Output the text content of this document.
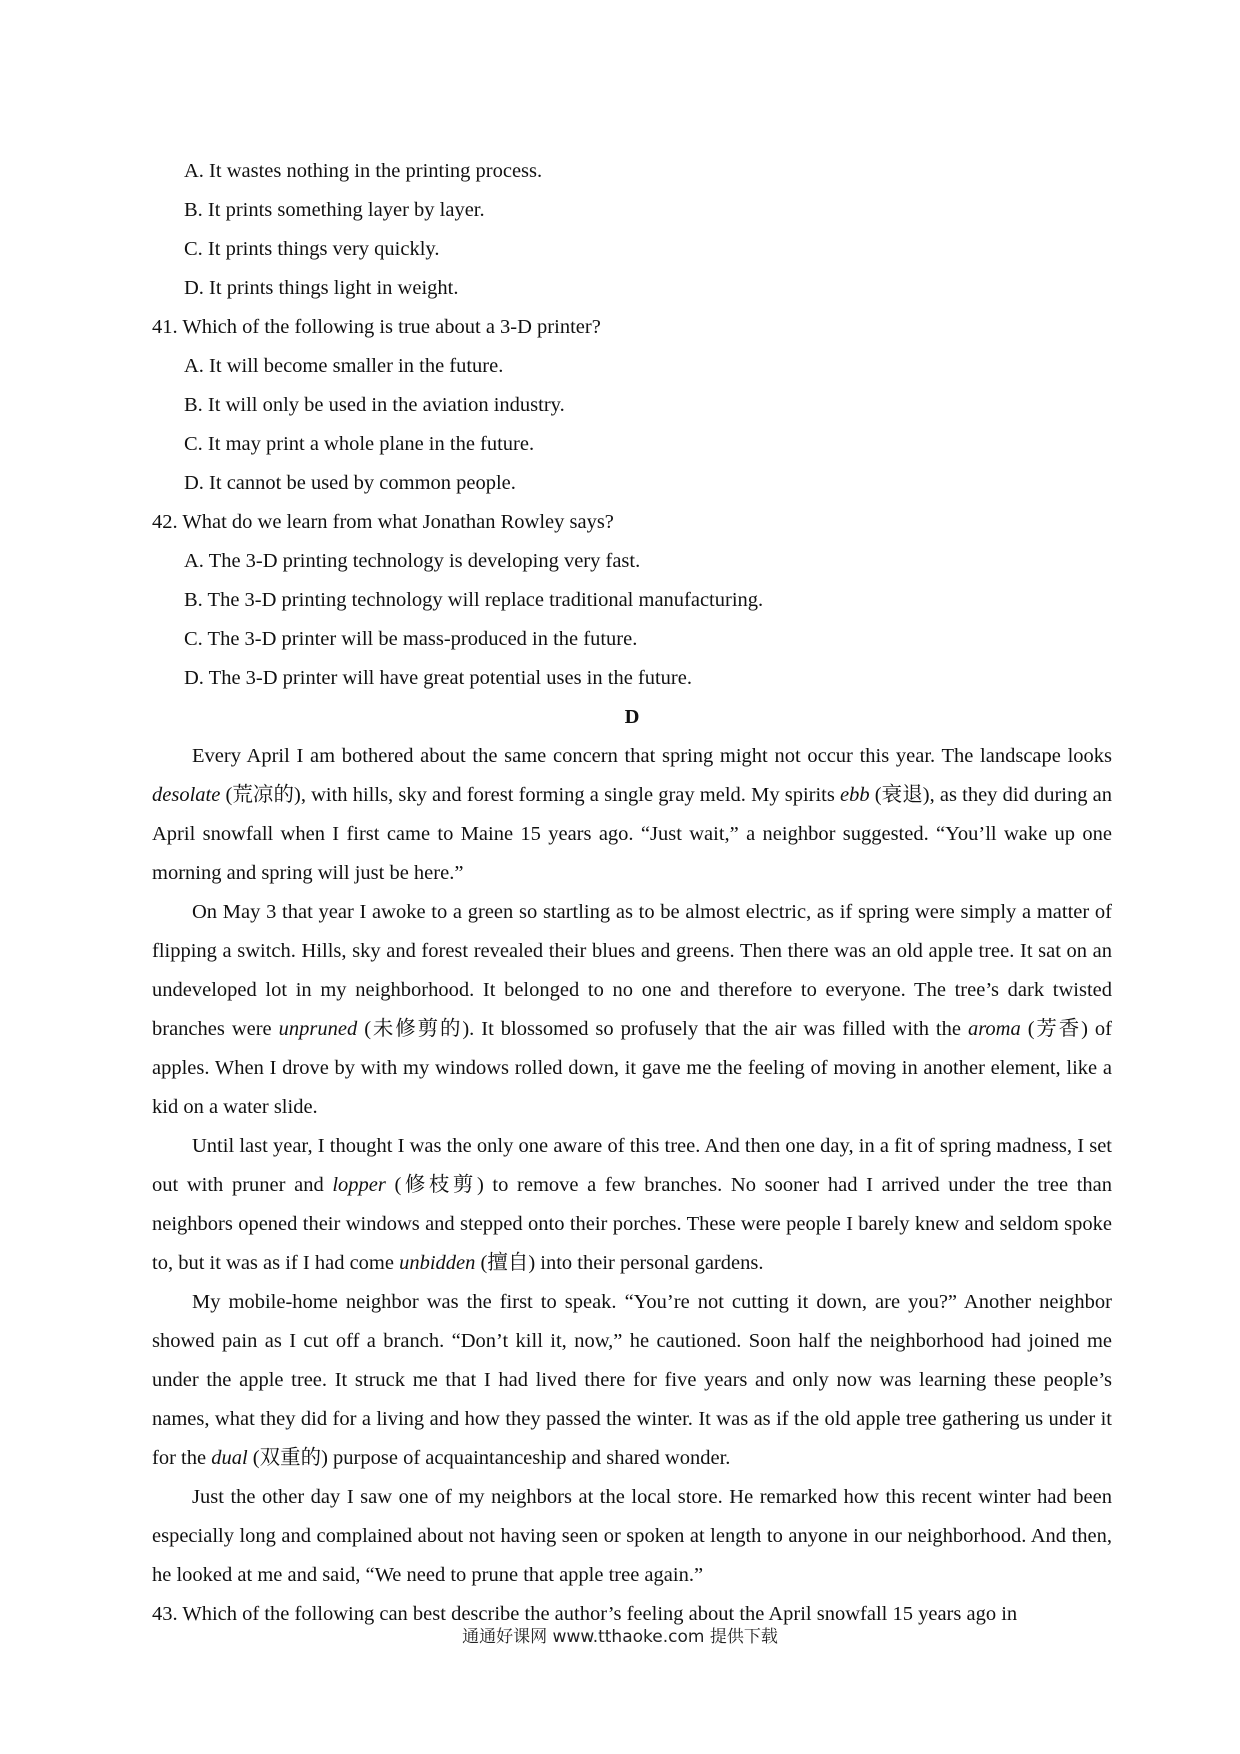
A. It wastes nothing in the printing process.
B. It prints something layer by layer.
C. It prints things very quickly.
D. It prints things light in weight.
41. Which of the following is true about a 3-D printer?
A. It will become smaller in the future.
B. It will only be used in the aviation industry.
C. It may print a whole plane in the future.
D. It cannot be used by common people.
42. What do we learn from what Jonathan Rowley says?
A. The 3-D printing technology is developing very fast.
B. The 3-D printing technology will replace traditional manufacturing.
C. The 3-D printer will be mass-produced in the future.
D. The 3-D printer will have great potential uses in the future.
D

Every April I am bothered about the same concern that spring might not occur this year. The landscape looks desolate (荒凉的), with hills, sky and forest forming a single gray meld. My spirits ebb (衰退), as they did during an April snowfall when I first came to Maine 15 years ago. “Just wait,” a neighbor suggested. “You’ll wake up one morning and spring will just be here.”

On May 3 that year I awoke to a green so startling as to be almost electric, as if spring were simply a matter of flipping a switch. Hills, sky and forest revealed their blues and greens. Then there was an old apple tree. It sat on an undeveloped lot in my neighborhood. It belonged to no one and therefore to everyone. The tree’s dark twisted branches were unpruned (未修剪的). It blossomed so profusely that the air was filled with the aroma (芳香) of apples. When I drove by with my windows rolled down, it gave me the feeling of moving in another element, like a kid on a water slide.

Until last year, I thought I was the only one aware of this tree. And then one day, in a fit of spring madness, I set out with pruner and lopper (修枝剪) to remove a few branches. No sooner had I arrived under the tree than neighbors opened their windows and stepped onto their porches. These were people I barely knew and seldom spoke to, but it was as if I had come unbidden (擅自) into their personal gardens.

My mobile-home neighbor was the first to speak. “You’re not cutting it down, are you?” Another neighbor showed pain as I cut off a branch. “Don’t kill it, now,” he cautioned. Soon half the neighborhood had joined me under the apple tree. It struck me that I had lived there for five years and only now was learning these people’s names, what they did for a living and how they passed the winter. It was as if the old apple tree gathering us under it for the dual (双重的) purpose of acquaintanceship and shared wonder.

Just the other day I saw one of my neighbors at the local store. He remarked how this recent winter had been especially long and complained about not having seen or spoken at length to anyone in our neighborhood. And then, he looked at me and said, “We need to prune that apple tree again.”

43. Which of the following can best describe the author’s feeling about the April snowfall 15 years ago in
通通好课网 www.tthaoke.com 提供下载
